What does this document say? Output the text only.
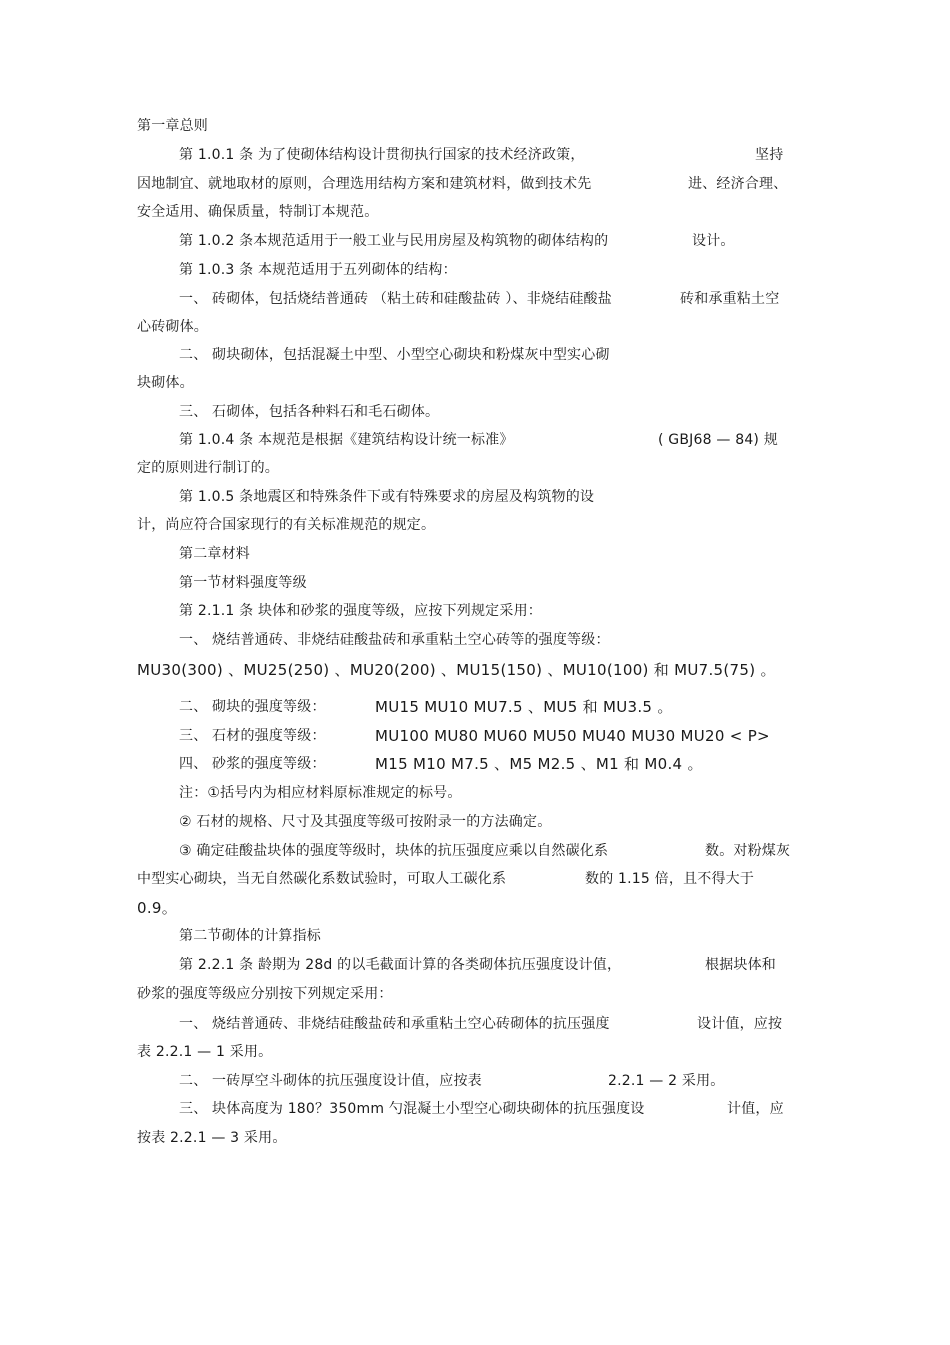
第一章总则
第 1.0.1 条 为了使砌体结构设计贯彻执行国家的技术经济政策，	坚持
因地制宜、就地取材的原则，合理选用结构方案和建筑材料，做到技术先	进、经济合理、
安全适用、确保质量，特制订本规范。
第 1.0.2 条本规范适用于一般工业与民用房屋及构筑物的砌体结构的	设计。
第 1.0.3 条 本规范适用于五列砌体的结构：
一、 砖砌体，包括烧结普通砖 （粘土砖和硅酸盐砖 ）、非烧结硅酸盐	砖和承重粘土空
心砖砌体。
二、 砌块砌体，包括混凝土中型、小型空心砌块和粉煤灰中型实心砌
块砌体。
三、 石砌体，包括各种料石和毛石砌体。
第 1.0.4 条 本规范是根据《建筑结构设计统一标准》	( GBJ68 — 84) 规
定的原则进行制订的。
第 1.0.5 条地震区和特殊条件下或有特殊要求的房屋及构筑物的设
计，尚应符合国家现行的有关标准规范的规定。
第二章材料
第一节材料强度等级
第 2.1.1 条 块体和砂浆的强度等级，应按下列规定采用：
一、 烧结普通砖、非烧结硅酸盐砖和承重粘土空心砖等的强度等级：
MU30(300) 、MU25(250) 、MU20(200) 、MU15(150) 、MU10(100) 和 MU7.5(75) 。
二、 砌块的强度等级：	MU15 MU10 MU7.5 、MU5 和 MU3.5 。
三、 石材的强度等级：	MU100 MU80 MU60 MU50 MU40 MU30 MU20 < P>
四、 砂浆的强度等级：	M15 M10 M7.5 、M5 M2.5 、M1 和 M0.4 。
注：①括号内为相应材料原标准规定的标号。
② 石材的规格、尺寸及其强度等级可按附录一的方法确定。
③ 确定硅酸盐块体的强度等级时，块体的抗压强度应乘以自然碳化系	数。对粉煤灰
中型实心砌块，当无自然碳化系数试验时，可取人工碳化系	数的 1.15 倍，且不得大于
0.9。
第二节砌体的计算指标
第 2.2.1 条 龄期为 28d 的以毛截面计算的各类砌体抗压强度设计值，	根据块体和
砂浆的强度等级应分别按下列规定采用：
一、 烧结普通砖、非烧结硅酸盐砖和承重粘土空心砖砌体的抗压强度	设计值，应按
表 2.2.1 — 1 采用。
二、 一砖厚空斗砌体的抗压强度设计值，应按表	2.2.1 — 2 采用。
三、 块体高度为 180？350mm 勺混凝土小型空心砌块砌体的抗压强度设	计值，应
按表 2.2.1 — 3 采用。
